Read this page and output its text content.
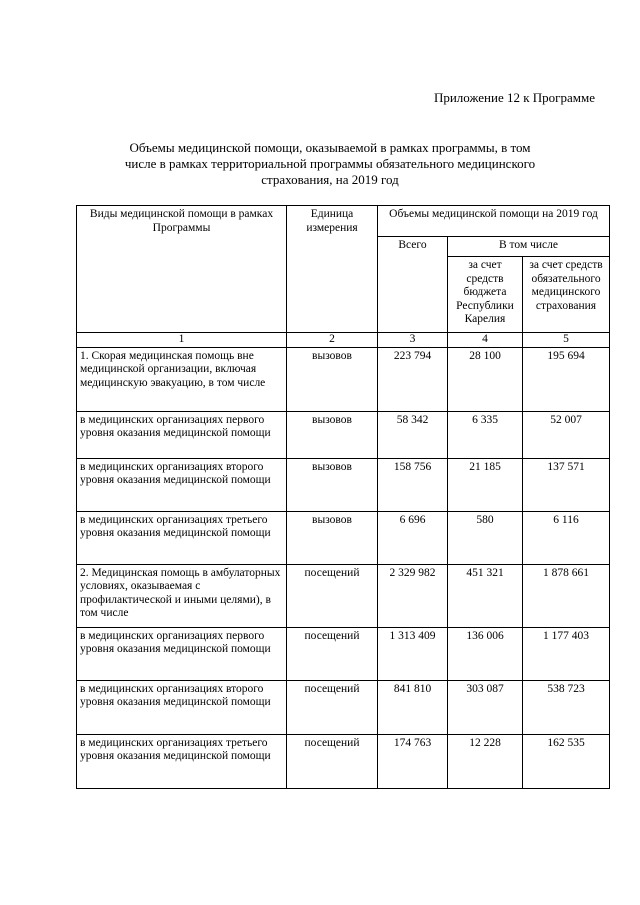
Приложение 12 к Программе
Объемы медицинской помощи, оказываемой в рамках программы, в том
числе в рамках территориальной программы обязательного медицинского
страхования, на 2019 год
Виды медицинской помощи в рамках Программы	Единица измерения	Объемы медицинской помощи на 2019 год		
		Всего	В том числе	
			за счет средств бюджета Республики Карелия	за счет средств обязательного медицинского страхования
1	2	3	4	5
1. Скорая медицинская помощь вне медицинской организации, включая медицинскую эвакуацию, в том числе	вызовов	223 794	28 100	195 694
в медицинских организациях первого уровня оказания медицинской помощи	вызовов	58 342	6 335	52 007
в медицинских организациях второго уровня оказания медицинской помощи	вызовов	158 756	21 185	137 571
в медицинских организациях третьего уровня оказания медицинской помощи	вызовов	6 696	580	6 116
2. Медицинская помощь в амбулаторных условиях, оказываемая с профилактической и иными целями), в том числе	посещений	2 329 982	451 321	1 878 661
в медицинских организациях первого уровня оказания медицинской помощи	посещений	1 313 409	136 006	1 177 403
в медицинских организациях второго уровня оказания медицинской помощи	посещений	841 810	303 087	538 723
в медицинских организациях третьего уровня оказания медицинской помощи	посещений	174 763	12 228	162 535
